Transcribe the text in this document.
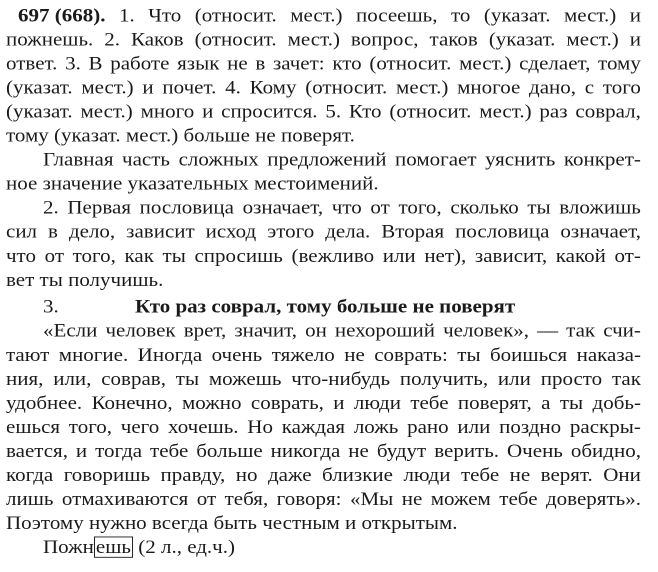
697 (668). 1. Что (относит. мест.) посеешь, то (указат. мест.) и
пожнешь. 2. Каков (относит. мест.) вопрос, таков (указат. мест.) и
ответ. 3. В работе язык не в зачет: кто (относит. мест.) сделает, тому
(указат. мест.) и почет. 4. Кому (относит. мест.) многое дано, с того
(указат. мест.) много и спросится. 5. Кто (относит. мест.) раз соврал,
тому (указат. мест.) больше не поверят.
Главная часть сложных предложений помогает уяснить конкрет-
ное значение указательных местоимений.
2. Первая пословица означает, что от того, сколько ты вложишь
сил в дело, зависит исход этого дела. Вторая пословица означает,
что от того, как ты спросишь (вежливо или нет), зависит, какой от-
вет ты получишь.
3.	Кто раз соврал, тому больше не поверят
«Если человек врет, значит, он нехороший человек», — так счи-
тают многие. Иногда очень тяжело не соврать: ты боишься наказа-
ния, или, соврав, ты можешь что-нибудь получить, или просто так
удобнее. Конечно, можно соврать, и люди тебе поверят, а ты добь-
ешься того, чего хочешь. Но каждая ложь рано или поздно раскры-
вается, и тогда тебе больше никогда не будут верить. Очень обидно,
когда говоришь правду, но даже близкие люди тебе не верят. Они
лишь отмахиваются от тебя, говоря: «Мы не можем тебе доверять».
Поэтому нужно всегда быть честным и открытым.
Пожнешь (2 л., ед.ч.)
